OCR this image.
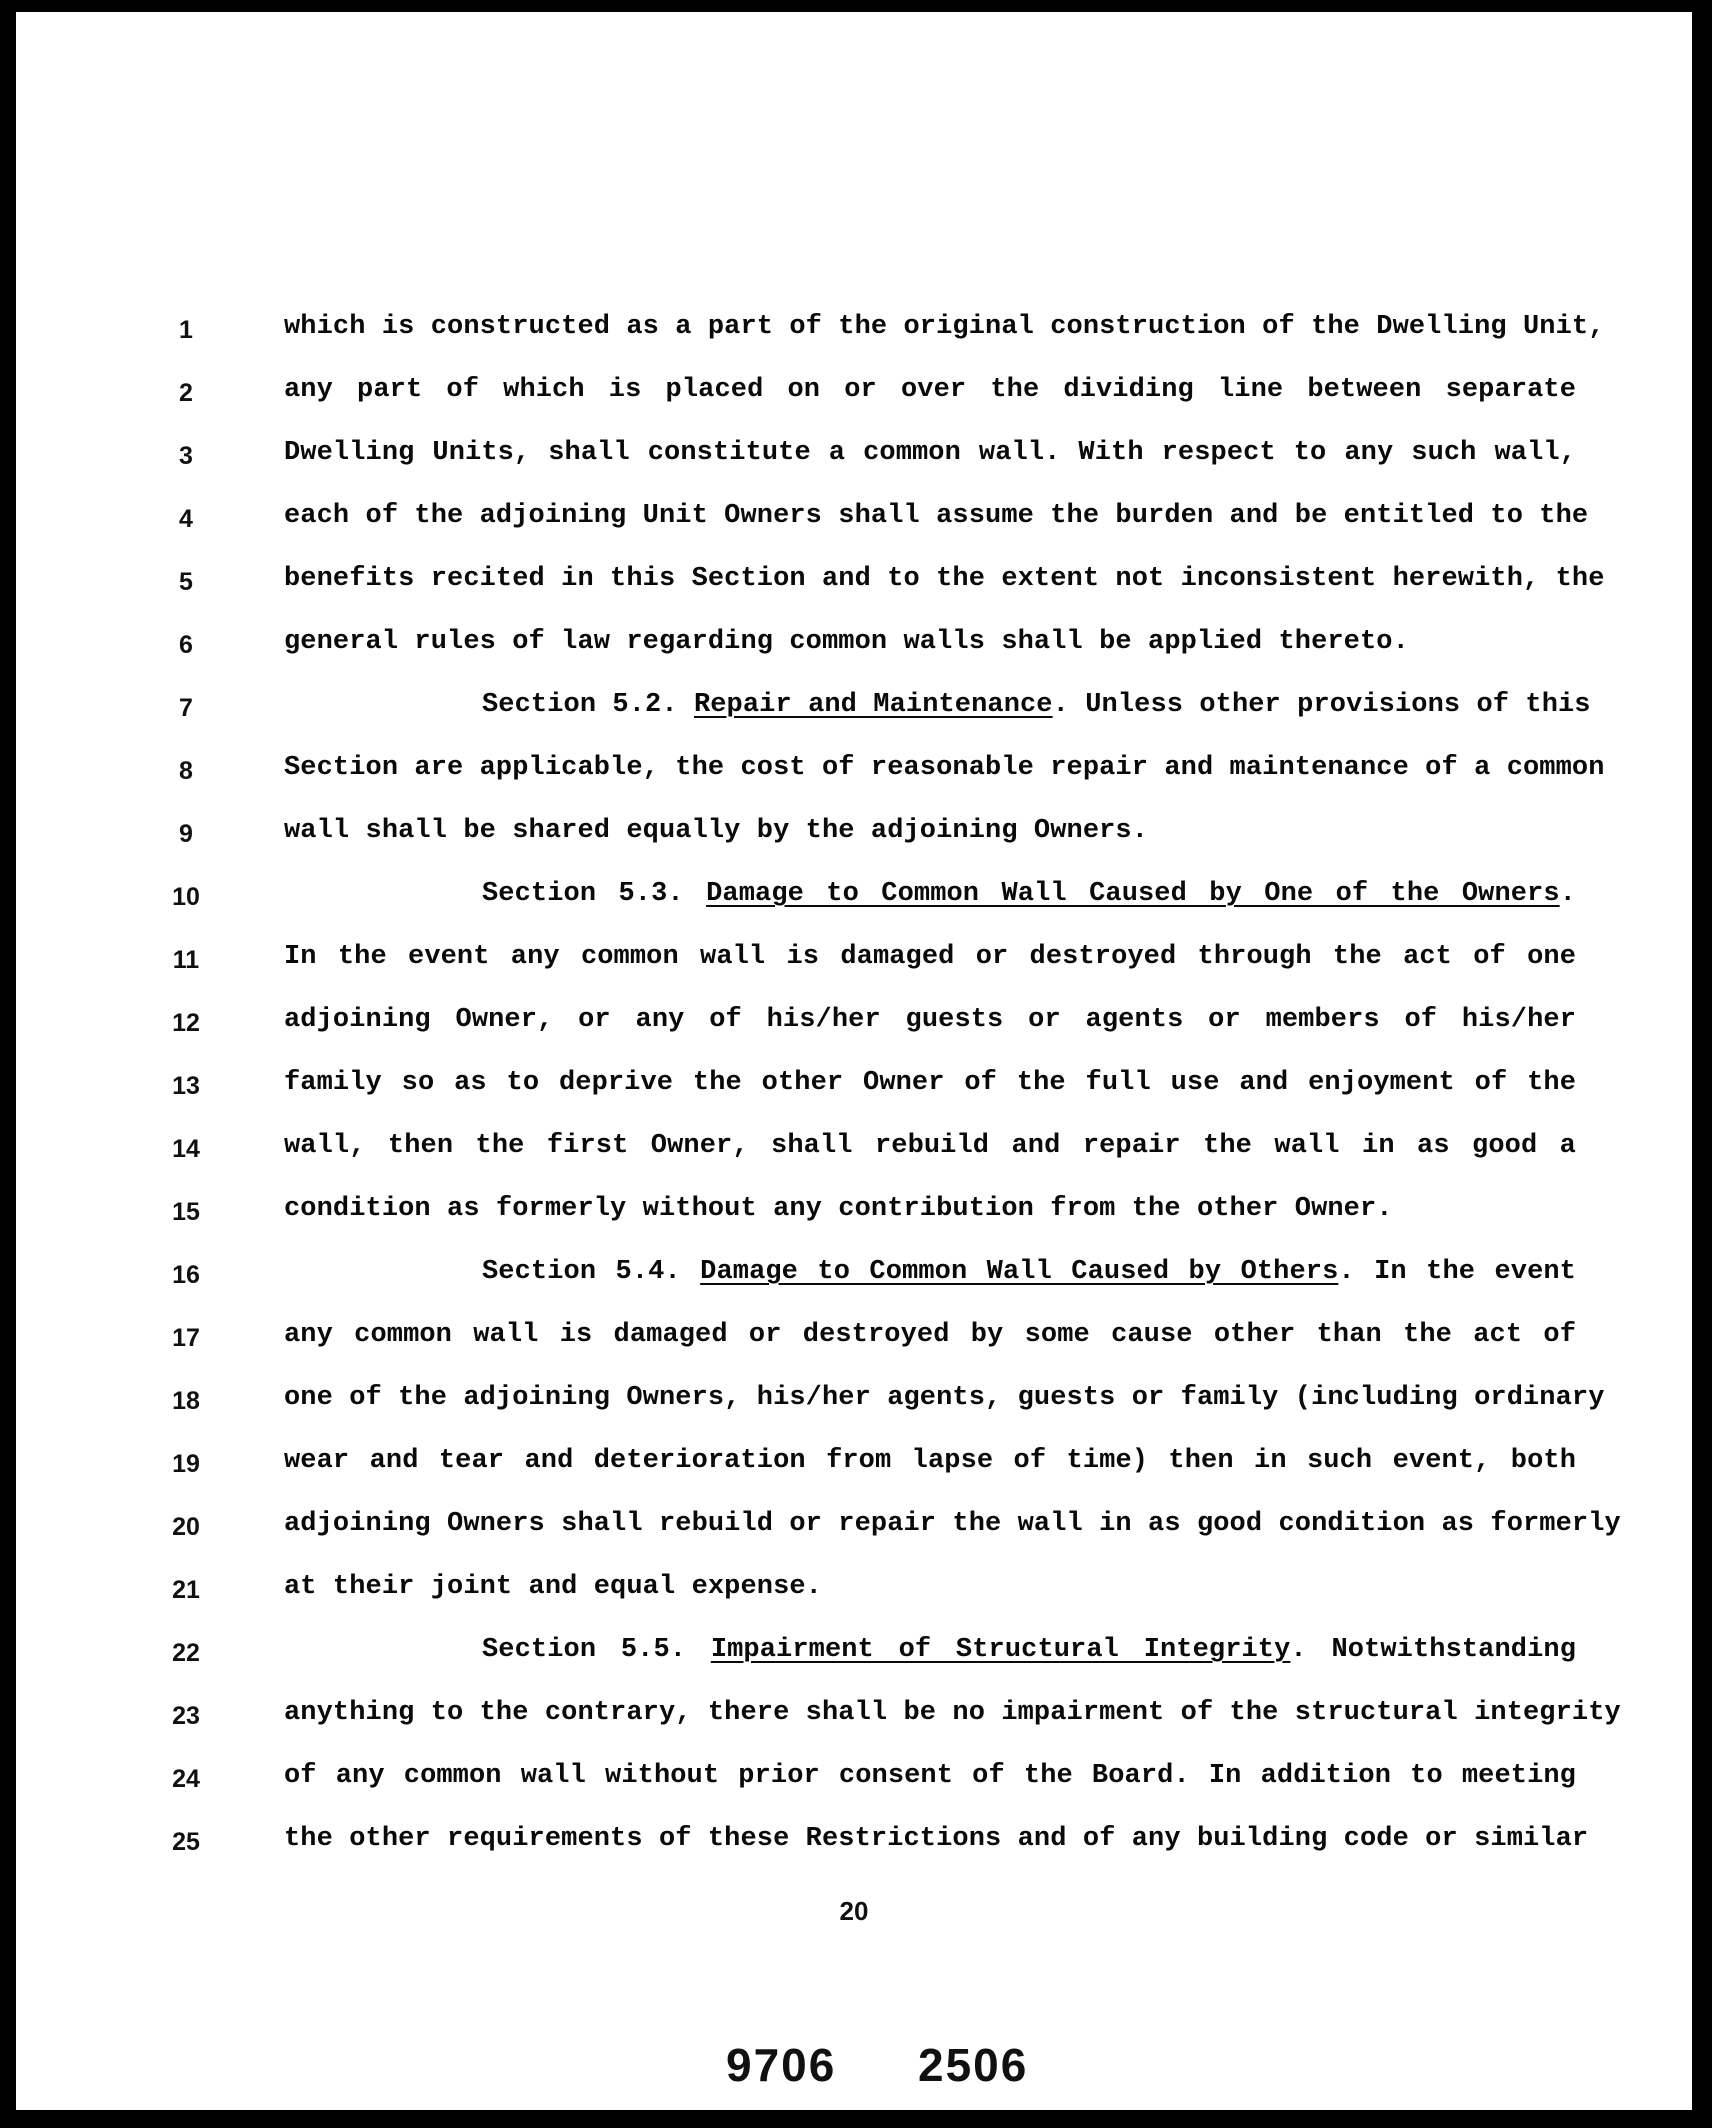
1	which is constructed as a part of the original construction of the Dwelling Unit,
2	any part of which is placed on or over the dividing line between separate
3	Dwelling Units, shall constitute a common wall. With respect to any such wall,
4	each of the adjoining Unit Owners shall assume the burden and be entitled to the
5	benefits recited in this Section and to the extent not inconsistent herewith, the
6	general rules of law regarding common walls shall be applied thereto.
7	Section 5.2. Repair and Maintenance. Unless other provisions of this
8	Section are applicable, the cost of reasonable repair and maintenance of a common
9	wall shall be shared equally by the adjoining Owners.
10	Section 5.3. Damage to Common Wall Caused by One of the Owners.
11	In the event any common wall is damaged or destroyed through the act of one
12	adjoining Owner, or any of his/her guests or agents or members of his/her
13	family so as to deprive the other Owner of the full use and enjoyment of the
14	wall, then the first Owner, shall rebuild and repair the wall in as good a
15	condition as formerly without any contribution from the other Owner.
16	Section 5.4. Damage to Common Wall Caused by Others. In the event
17	any common wall is damaged or destroyed by some cause other than the act of
18	one of the adjoining Owners, his/her agents, guests or family (including ordinary
19	wear and tear and deterioration from lapse of time) then in such event, both
20	adjoining Owners shall rebuild or repair the wall in as good condition as formerly
21	at their joint and equal expense.
22	Section 5.5. Impairment of Structural Integrity. Notwithstanding
23	anything to the contrary, there shall be no impairment of the structural integrity
24	of any common wall without prior consent of the Board. In addition to meeting
25	the other requirements of these Restrictions and of any building code or similar
20
9706 2506
